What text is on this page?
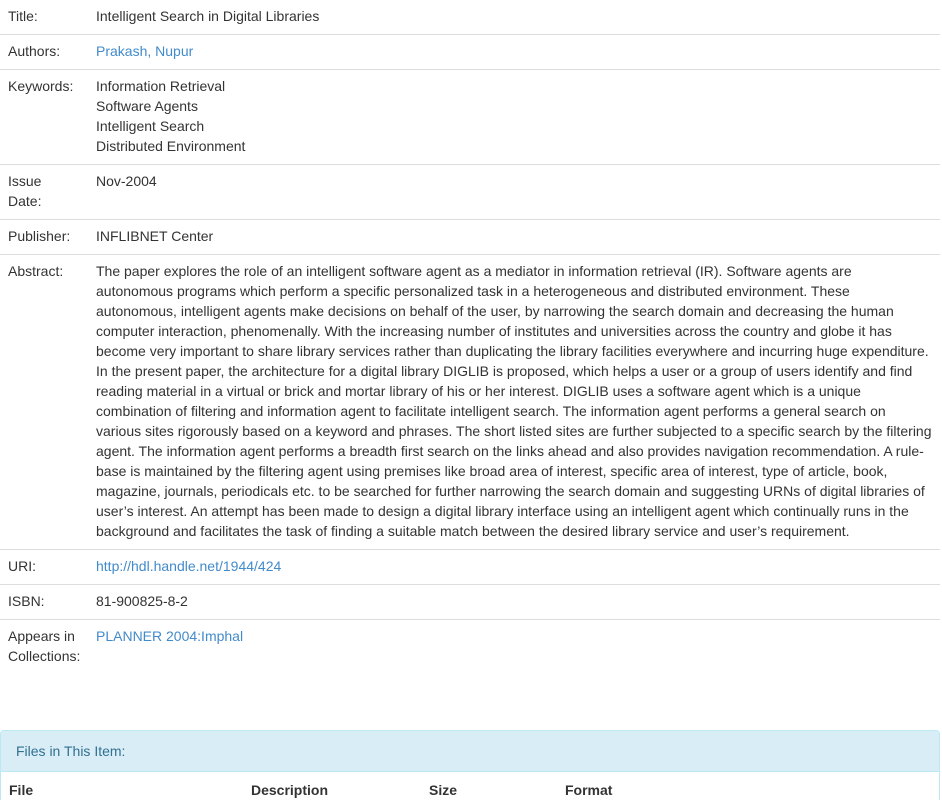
Title:	Intelligent Search in Digital Libraries
Authors:	Prakash, Nupur
Keywords:	Information Retrieval
Software Agents
Intelligent Search
Distributed Environment

Issue
Date:	Nov-2004
Publisher:	INFLIBNET Center
Abstract:	The paper explores the role of an intelligent software agent as a mediator in information retrieval (IR). Software agents are autonomous programs which perform a specific personalized task in a heterogeneous and distributed environment. These autonomous, intelligent agents make decisions on behalf of the user, by narrowing the search domain and decreasing the human computer interaction, phenomenally. With the increasing number of institutes and universities across the country and globe it has become very important to share library services rather than duplicating the library facilities everywhere and incurring huge expenditure. In the present paper, the architecture for a digital library DIGLIB is proposed, which helps a user or a group of users identify and find reading material in a virtual or brick and mortar library of his or her interest. DIGLIB uses a software agent which is a unique combination of filtering and information agent to facilitate intelligent search. The information agent performs a general search on various sites rigorously based on a keyword and phrases. The short listed sites are further subjected to a specific search by the filtering agent. The information agent performs a breadth first search on the links ahead and also provides navigation recommendation. A rule-base is maintained by the filtering agent using premises like broad area of interest, specific area of interest, type of article, book, magazine, journals, periodicals etc. to be searched for further narrowing the search domain and suggesting URNs of digital libraries of user’s interest. An attempt has been made to design a digital library interface using an intelligent agent which continually runs in the background and facilitates the task of finding a suitable match between the desired library service and user’s requirement.
URI:	http://hdl.handle.net/1944/424
ISBN:	81-900825-8-2

Appears in
Collections:	PLANNER 2004:Imphal
Files in This Item:
File	Description	Size	Format
